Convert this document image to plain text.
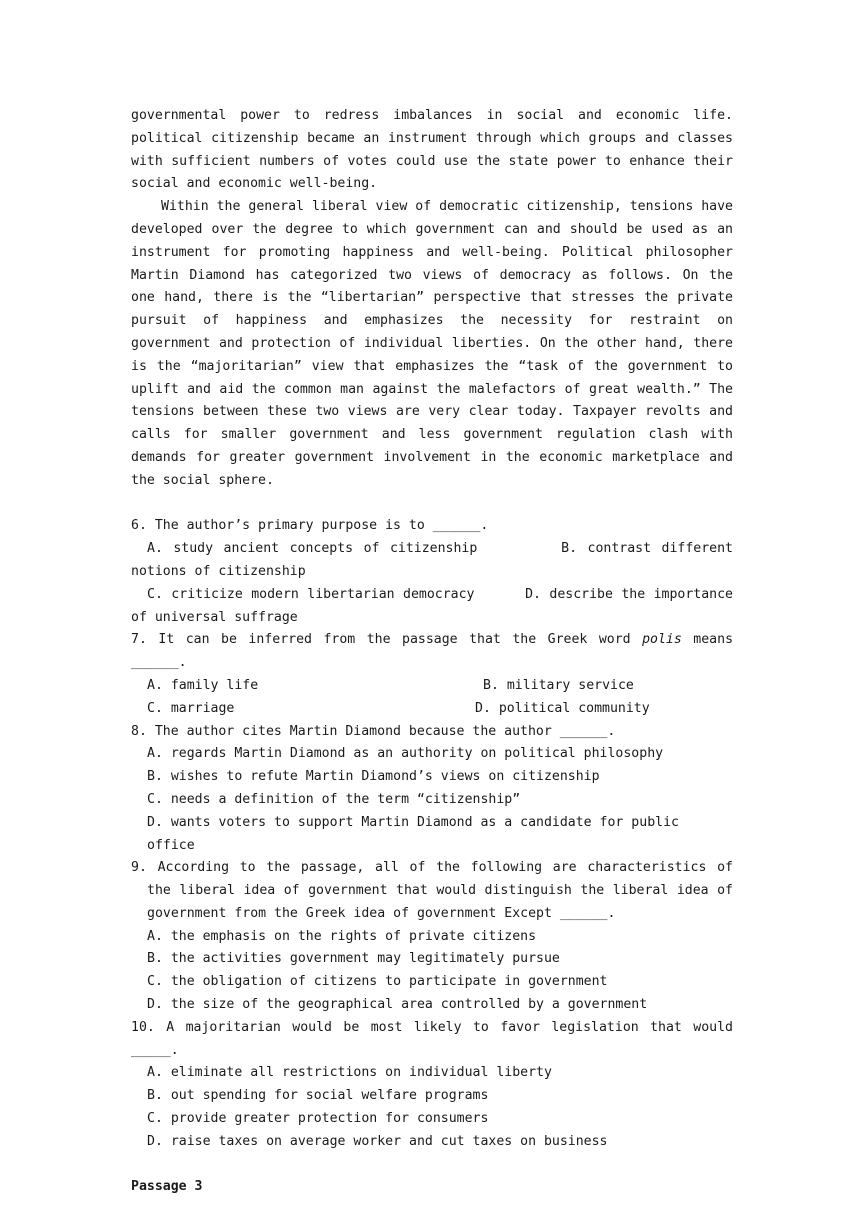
governmental power to redress imbalances in social and economic life. political citizenship became an instrument through which groups and classes with sufficient numbers of votes could use the state power to enhance their social and economic well-being.

Within the general liberal view of democratic citizenship, tensions have developed over the degree to which government can and should be used as an instrument for promoting happiness and well-being. Political philosopher Martin Diamond has categorized two views of democracy as follows. On the one hand, there is the “libertarian” perspective that stresses the private pursuit of happiness and emphasizes the necessity for restraint on government and protection of individual liberties. On the other hand, there is the “majoritarian” view that emphasizes the “task of the government to uplift and aid the common man against the malefactors of great wealth.” The tensions between these two views are very clear today. Taxpayer revolts and calls for smaller government and less government regulation clash with demands for greater government involvement in the economic marketplace and the social sphere.

6. The author’s primary purpose is to ______.

A. study ancient concepts of citizenship	B. contrast different notions of citizenship

C. criticize modern libertarian democracy	D. describe the importance of universal suffrage

7. It can be inferred from the passage that the Greek word polis means ______.

A. family life	B. military service
C. marriage	D. political community

8. The author cites Martin Diamond because the author ______.

A. regards Martin Diamond as an authority on political philosophy

B. wishes to refute Martin Diamond’s views on citizenship

C. needs a definition of the term “citizenship”

D. wants voters to support Martin Diamond as a candidate for public office

9. According to the passage, all of the following are characteristics of the liberal idea of government that would distinguish the liberal idea of government from the Greek idea of government Except ______.

A. the emphasis on the rights of private citizens

B. the activities government may legitimately pursue

C. the obligation of citizens to participate in government

D. the size of the geographical area controlled by a government

10. A majoritarian would be most likely to favor legislation that would _____.

A. eliminate all restrictions on individual liberty

B. out spending for social welfare programs

C. provide greater protection for consumers

D. raise taxes on average worker and cut taxes on business

Passage 3
